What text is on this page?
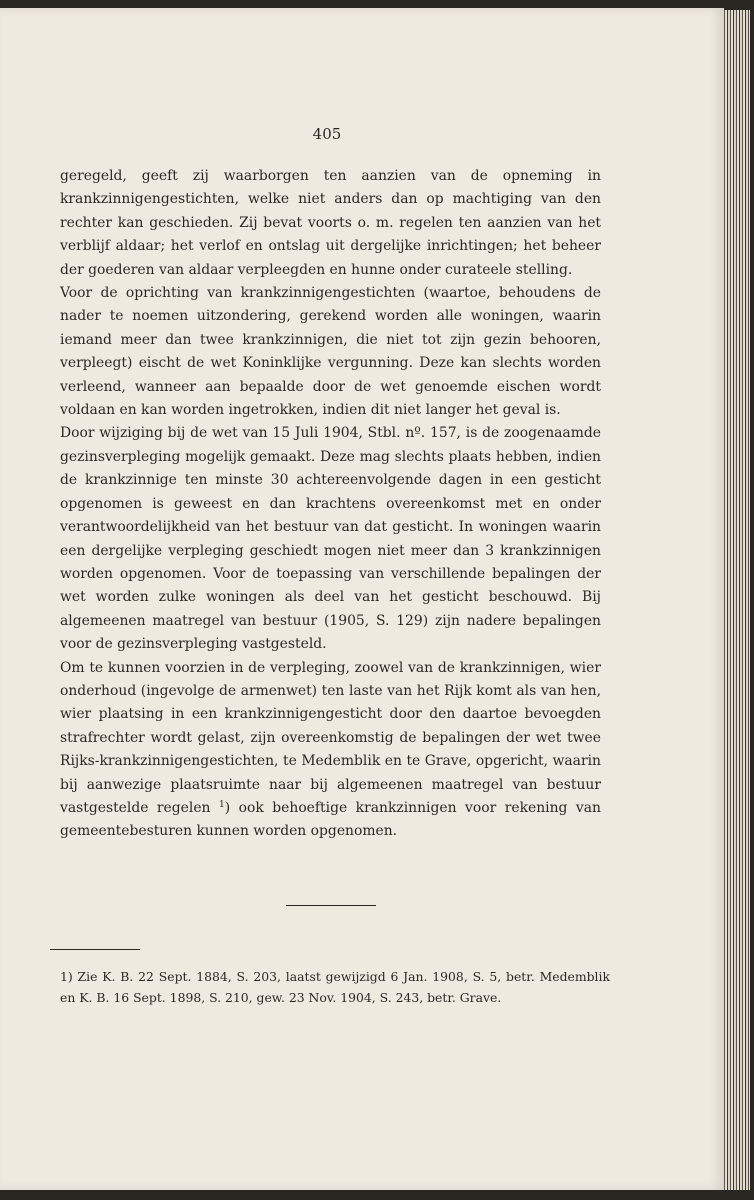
405

geregeld, geeft zij waarborgen ten aanzien van de opneming in krankzinnigengestichten, welke niet anders dan op machtiging van den rechter kan geschieden. Zij bevat voorts o. m. regelen ten aanzien van het verblijf aldaar; het verlof en ontslag uit dergelijke inrichtingen; het beheer der goederen van aldaar verpleegden en hunne onder curateele stelling.

Voor de oprichting van krankzinnigengestichten (waartoe, behoudens de nader te noemen uitzondering, gerekend worden alle woningen, waarin iemand meer dan twee krankzinnigen, die niet tot zijn gezin behooren, verpleegt) eischt de wet Koninklijke vergunning. Deze kan slechts worden verleend, wanneer aan bepaalde door de wet genoemde eischen wordt voldaan en kan worden ingetrokken, indien dit niet langer het geval is.

Door wijziging bij de wet van 15 Juli 1904, Stbl. nº. 157, is de zoogenaamde gezinsverpleging mogelijk gemaakt. Deze mag slechts plaats hebben, indien de krankzinnige ten minste 30 achtereenvolgende dagen in een gesticht opgenomen is geweest en dan krachtens overeenkomst met en onder verantwoordelijkheid van het bestuur van dat gesticht. In woningen waarin een dergelijke verpleging geschiedt mogen niet meer dan 3 krankzinnigen worden opgenomen. Voor de toepassing van verschillende bepalingen der wet worden zulke woningen als deel van het gesticht beschouwd. Bij algemeenen maatregel van bestuur (1905, S. 129) zijn nadere bepalingen voor de gezinsverpleging vastgesteld.

Om te kunnen voorzien in de verpleging, zoowel van de krankzinnigen, wier onderhoud (ingevolge de armenwet) ten laste van het Rijk komt als van hen, wier plaatsing in een krankzinnigengesticht door den daartoe bevoegden strafrechter wordt gelast, zijn overeenkomstig de bepalingen der wet twee Rijks-krankzinnigengestichten, te Medemblik en te Grave, opgericht, waarin bij aanwezige plaatsruimte naar bij algemeenen maatregel van bestuur vastgestelde regelen $^1$) ook behoeftige krankzinnigen voor rekening van gemeentebesturen kunnen worden opgenomen.

1) Zie K. B. 22 Sept. 1884, S. 203, laatst gewijzigd 6 Jan. 1908, S. 5, betr. Medemblik en K. B. 16 Sept. 1898, S. 210, gew. 23 Nov. 1904, S. 243, betr. Grave.
